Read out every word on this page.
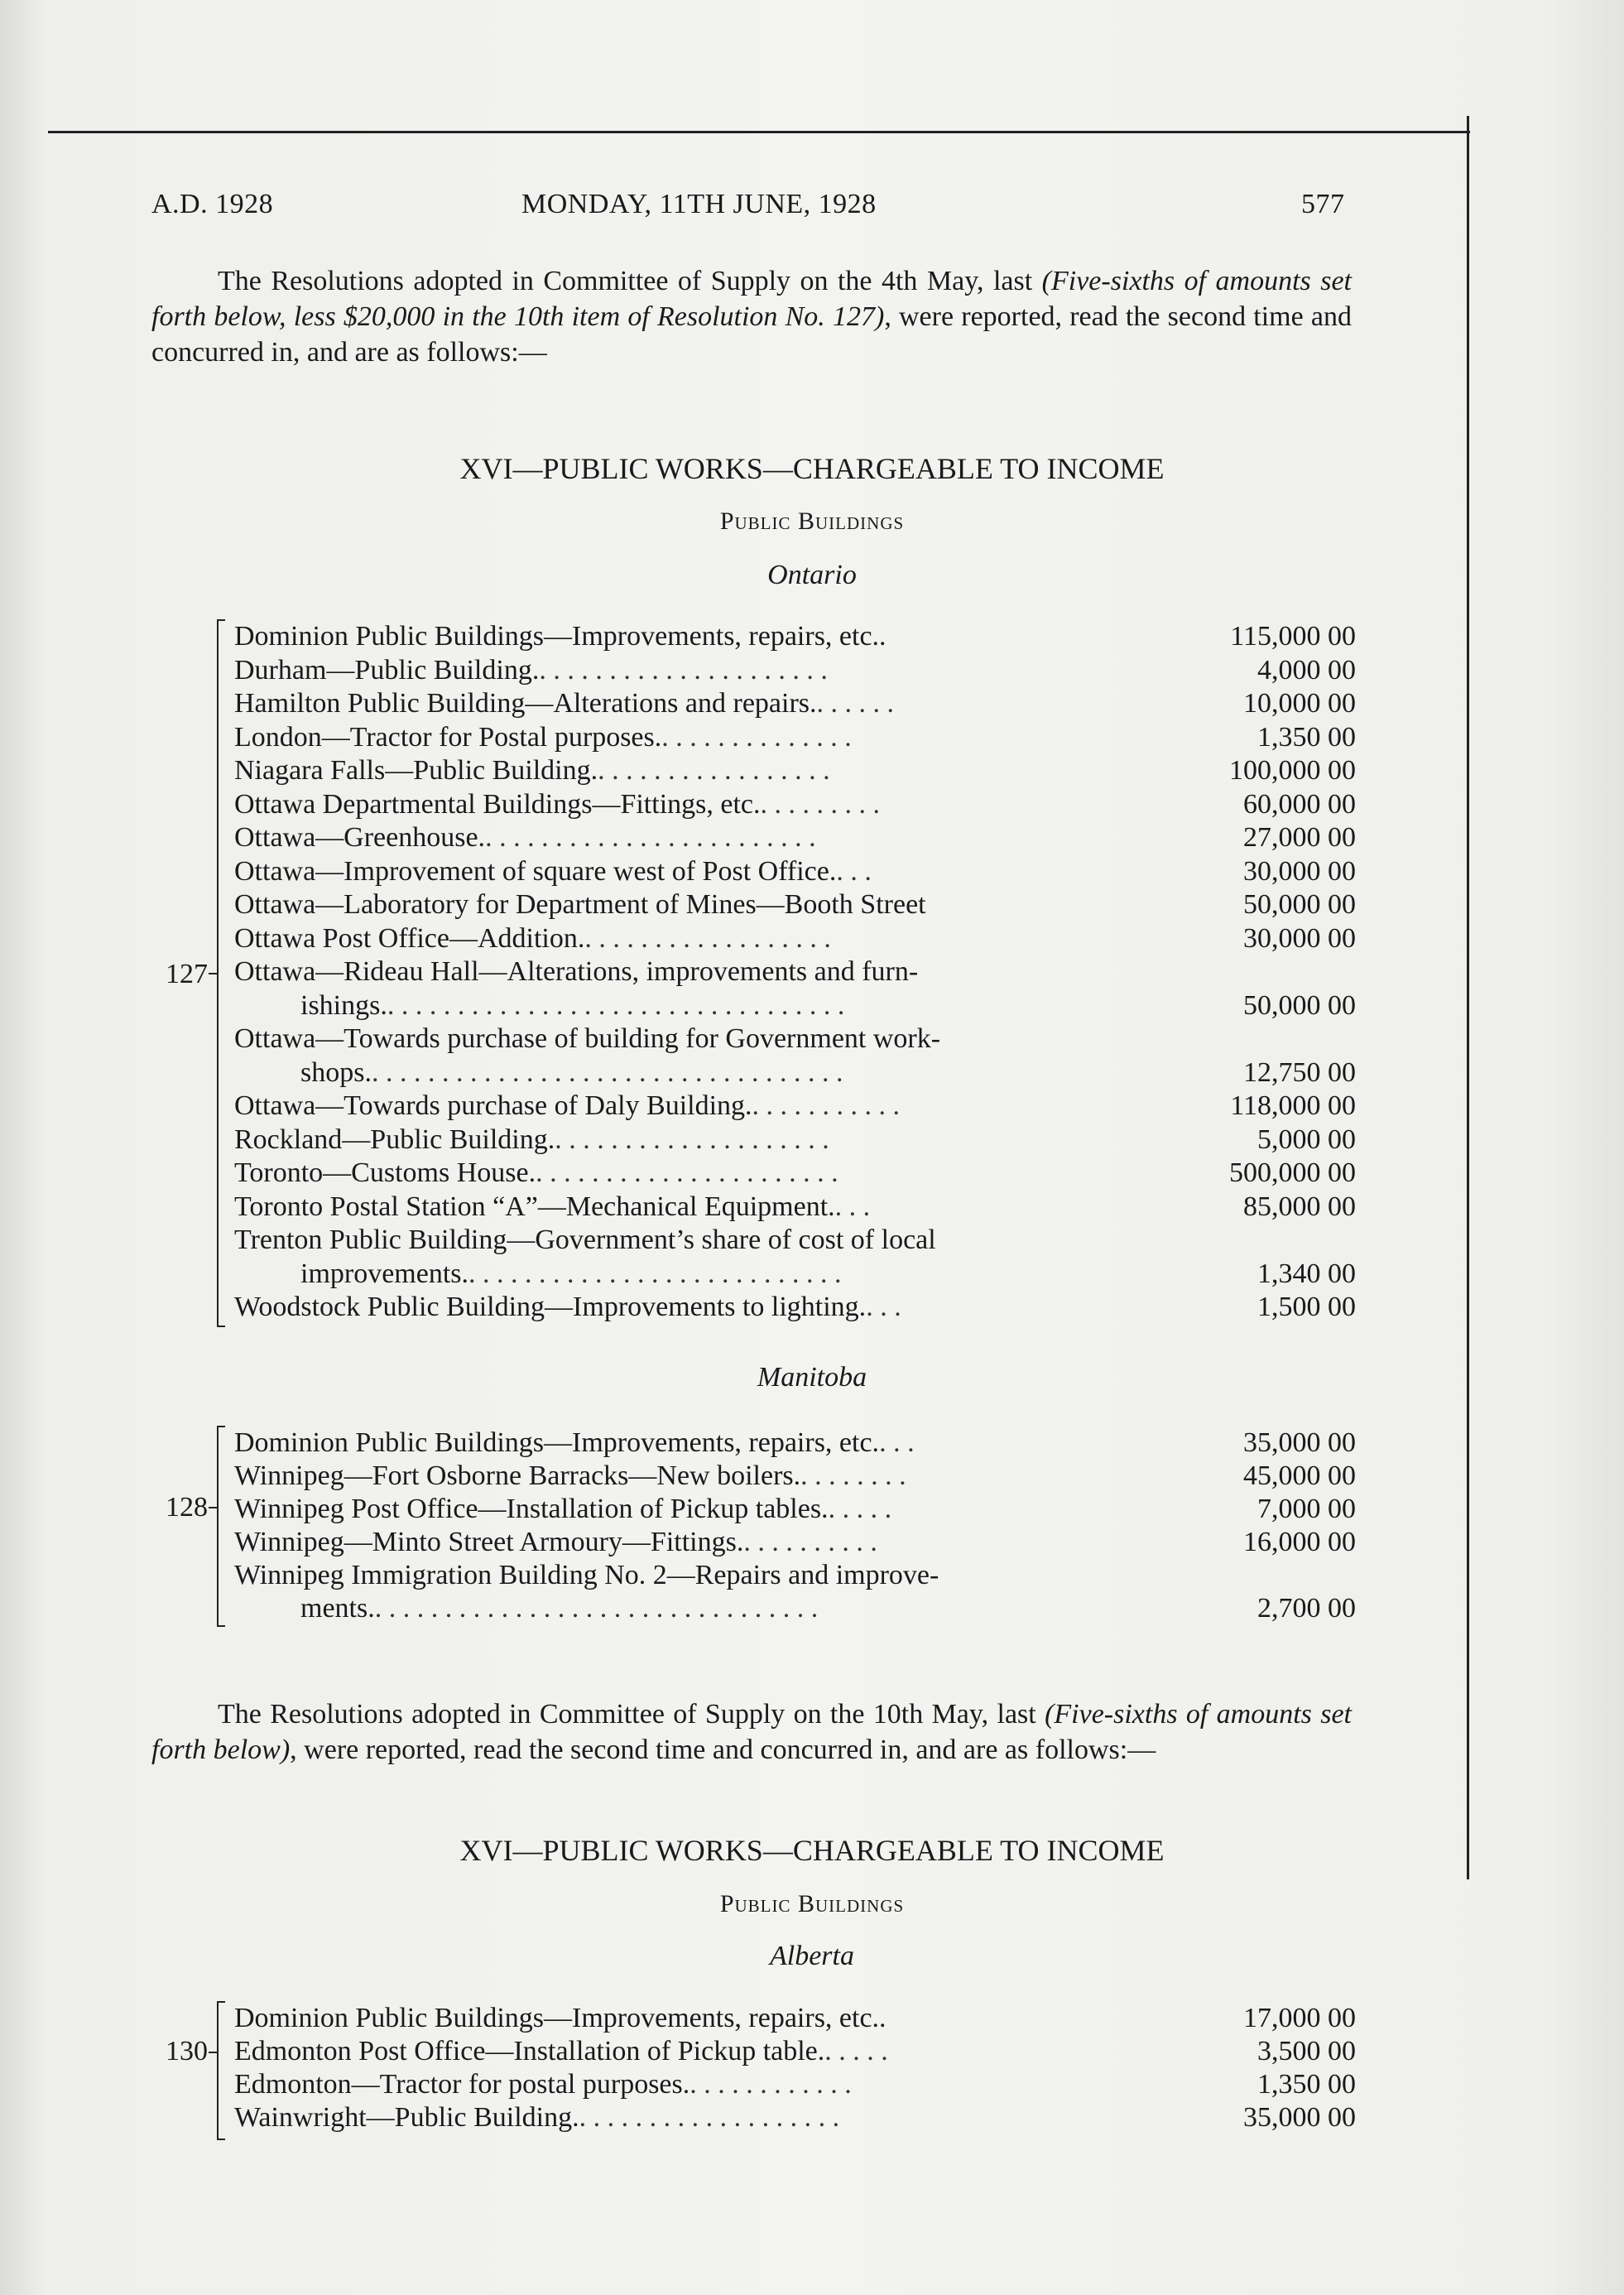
A.D. 1928	MONDAY, 11TH JUNE, 1928	577
The Resolutions adopted in Committee of Supply on the 4th May, last (Five-sixths of amounts set forth below, less $20,000 in the 10th item of Resolution No. 127), were reported, read the second time and concurred in, and are as follows:—
XVI—PUBLIC WORKS—CHARGEABLE TO INCOME
Public Buildings
Ontario
Dominion Public Buildings—Improvements, repairs, etc..	115,000 00
Durham—Public Building.. . . . . . . . . . . . . . . . . . . . .	4,000 00
Hamilton Public Building—Alterations and repairs.. . . . . .	10,000 00
London—Tractor for Postal purposes.. . . . . . . . . . . . . .	1,350 00
Niagara Falls—Public Building.. . . . . . . . . . . . . . . . .	100,000 00
Ottawa Departmental Buildings—Fittings, etc.. . . . . . . . .	60,000 00
Ottawa—Greenhouse.. . . . . . . . . . . . . . . . . . . . . . . .	27,000 00
Ottawa—Improvement of square west of Post Office.. . .	30,000 00
Ottawa—Laboratory for Department of Mines—Booth Street	50,000 00
Ottawa Post Office—Addition.. . . . . . . . . . . . . . . . . .	30,000 00
Ottawa—Rideau Hall—Alterations, improvements and furn-
ishings.. . . . . . . . . . . . . . . . . . . . . . . . . . . . . . . . .	50,000 00
Ottawa—Towards purchase of building for Government work-
shops.. . . . . . . . . . . . . . . . . . . . . . . . . . . . . . . . . .	12,750 00
Ottawa—Towards purchase of Daly Building.. . . . . . . . . . .	118,000 00
Rockland—Public Building.. . . . . . . . . . . . . . . . . . . .	5,000 00
Toronto—Customs House.. . . . . . . . . . . . . . . . . . . . . .	500,000 00
Toronto Postal Station “A”—Mechanical Equipment.. . .	85,000 00
Trenton Public Building—Government’s share of cost of local
improvements.. . . . . . . . . . . . . . . . . . . . . . . . . . .	1,340 00
Woodstock Public Building—Improvements to lighting.. . .	1,500 00
127
Manitoba
Dominion Public Buildings—Improvements, repairs, etc.. . .	35,000 00
Winnipeg—Fort Osborne Barracks—New boilers.. . . . . . . .	45,000 00
Winnipeg Post Office—Installation of Pickup tables.. . . . .	7,000 00
Winnipeg—Minto Street Armoury—Fittings.. . . . . . . . . .	16,000 00
Winnipeg Immigration Building No. 2—Repairs and improve-
ments.. . . . . . . . . . . . . . . . . . . . . . . . . . . . . . . .	2,700 00
128
The Resolutions adopted in Committee of Supply on the 10th May, last (Five-sixths of amounts set forth below), were reported, read the second time and concurred in, and are as follows:—
XVI—PUBLIC WORKS—CHARGEABLE TO INCOME
Public Buildings
Alberta
Dominion Public Buildings—Improvements, repairs, etc..	17,000 00
Edmonton Post Office—Installation of Pickup table.. . . . .	3,500 00
Edmonton—Tractor for postal purposes.. . . . . . . . . . . .	1,350 00
Wainwright—Public Building.. . . . . . . . . . . . . . . . . . .	35,000 00
130
